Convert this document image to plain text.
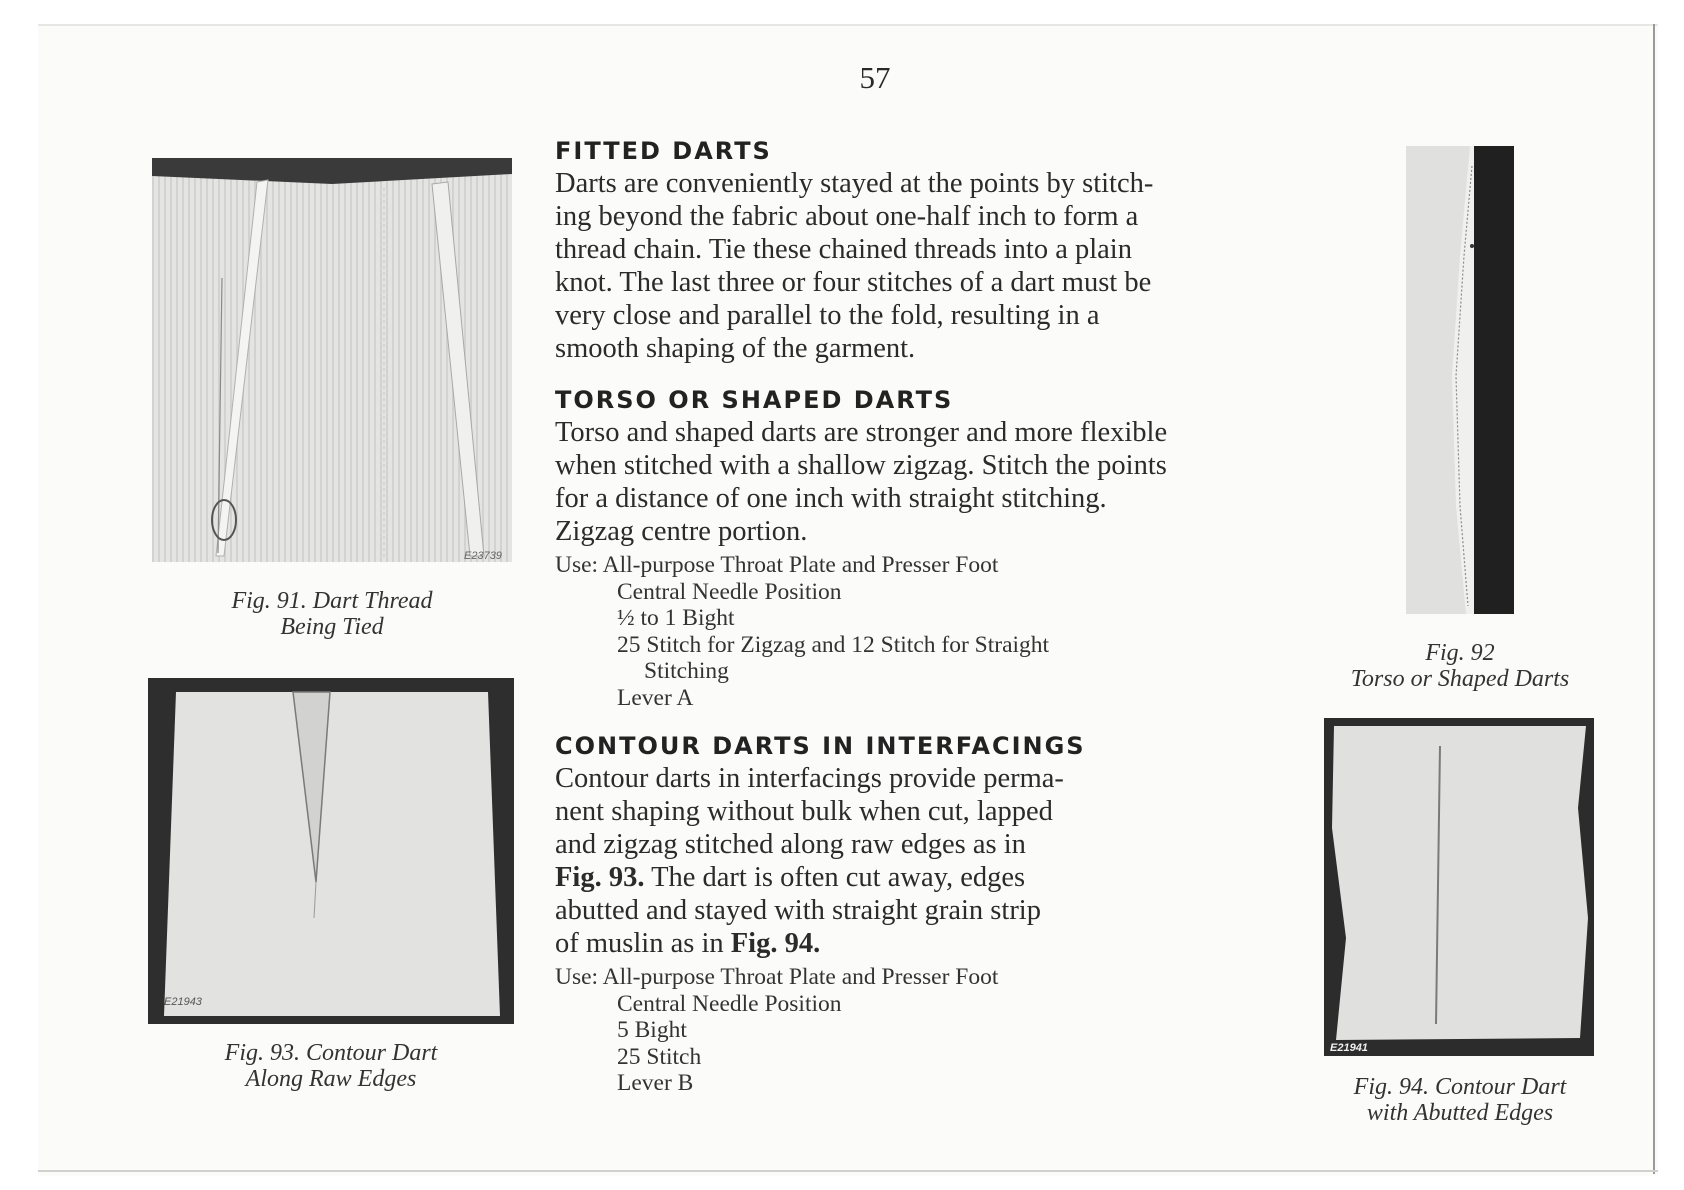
57
E23739
Fig. 91. Dart Thread
Being Tied
E21943
Fig. 93. Contour Dart
Along Raw Edges
Fig. 92
Torso or Shaped Darts
E21941
Fig. 94. Contour Dart
with Abutted Edges
FITTED DARTS
Darts are conveniently stayed at the points by stitch-
ing beyond the fabric about one-half inch to form a
thread chain. Tie these chained threads into a plain
knot. The last three or four stitches of a dart must be
very close and parallel to the fold, resulting in a
smooth shaping of the garment.
TORSO OR SHAPED DARTS
Torso and shaped darts are stronger and more flexible
when stitched with a shallow zigzag. Stitch the points
for a distance of one inch with straight stitching.
Zigzag centre portion.
Use: All-purpose Throat Plate and Presser Foot
Central Needle Position
½ to 1 Bight
25 Stitch for Zigzag and 12 Stitch for Straight
Stitching
Lever A
CONTOUR DARTS IN INTERFACINGS
Contour darts in interfacings provide perma-
nent shaping without bulk when cut, lapped
and zigzag stitched along raw edges as in
Fig. 93. The dart is often cut away, edges
abutted and stayed with straight grain strip
of muslin as in Fig. 94.
Use: All-purpose Throat Plate and Presser Foot
Central Needle Position
5 Bight
25 Stitch
Lever B
